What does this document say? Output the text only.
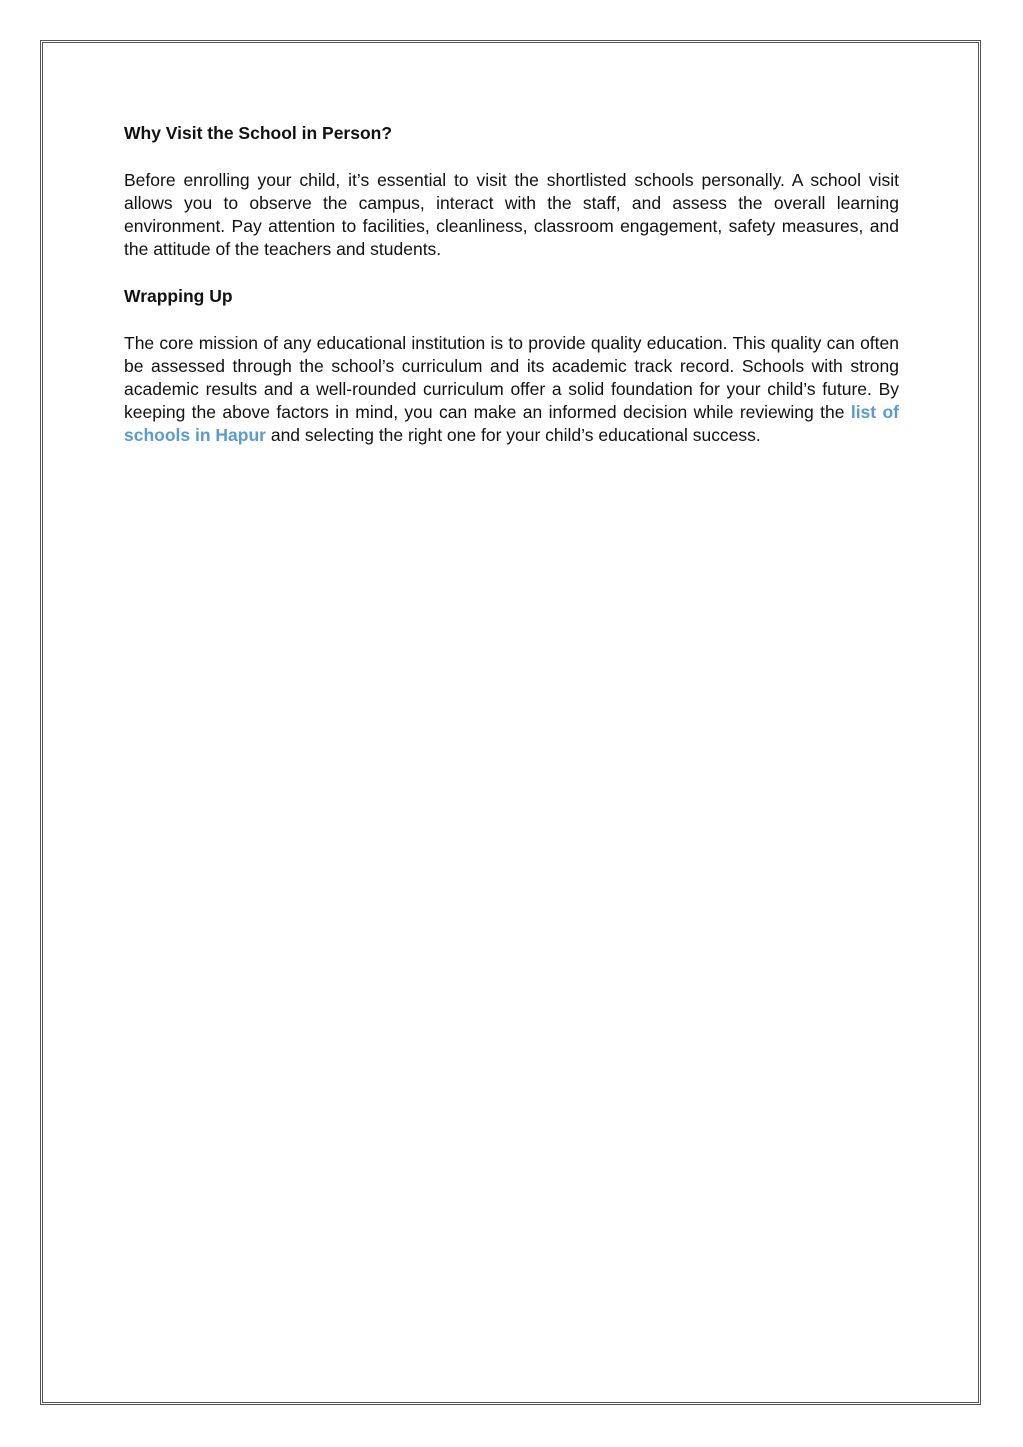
Why Visit the School in Person?
Before enrolling your child, it’s essential to visit the shortlisted schools personally. A school visit allows you to observe the campus, interact with the staff, and assess the overall learning environment. Pay attention to facilities, cleanliness, classroom engagement, safety measures, and the attitude of the teachers and students.
Wrapping Up
The core mission of any educational institution is to provide quality education. This quality can often be assessed through the school’s curriculum and its academic track record. Schools with strong academic results and a well-rounded curriculum offer a solid foundation for your child’s future. By keeping the above factors in mind, you can make an informed decision while reviewing the list of schools in Hapur and selecting the right one for your child’s educational success.
